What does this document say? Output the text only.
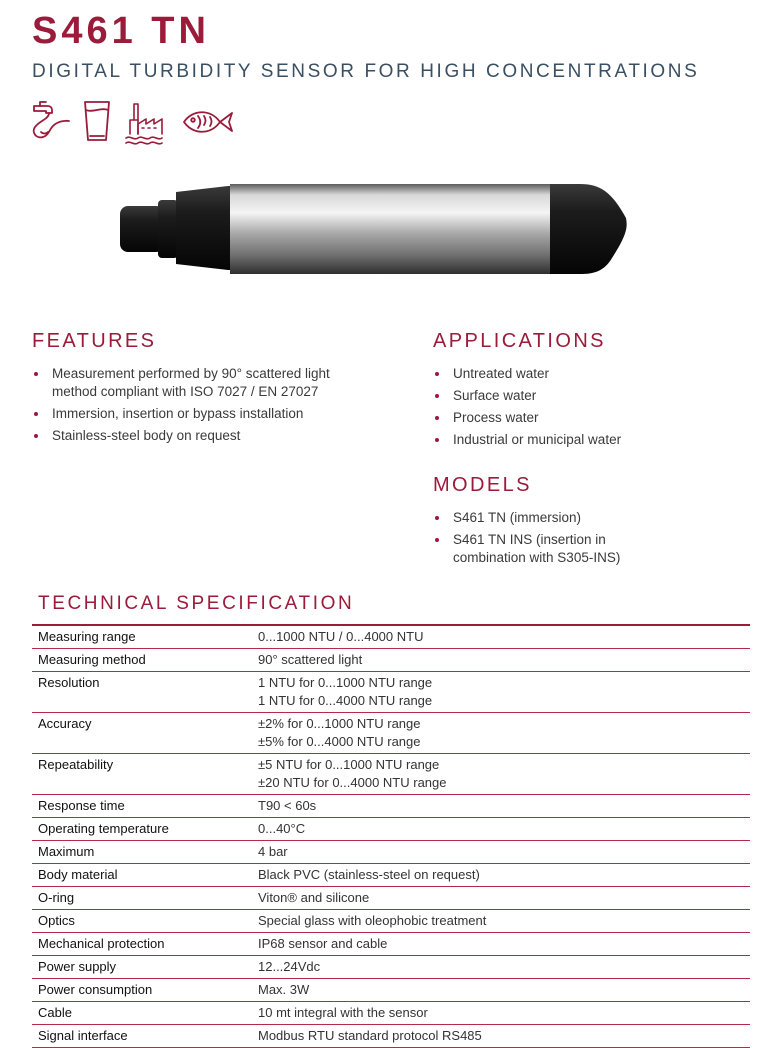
S461 TN

DIGITAL TURBIDITY SENSOR FOR HIGH CONCENTRATIONS

FEATURES
Measurement performed by 90° scattered light method compliant with ISO 7027 / EN 27027
Immersion, insertion or bypass installation
Stainless-steel body on request
APPLICATIONS
Untreated water
Surface water
Process water
Industrial or municipal water
MODELS
S461 TN (immersion)
S461 TN INS (insertion in combination with S305-INS)
TECHNICAL SPECIFICATION
Measuring range	0...1000 NTU / 0...4000 NTU

Measuring method	90° scattered light

Resolution	1 NTU for 0...1000 NTU range
1 NTU for 0...4000 NTU range

Accuracy	±2% for 0...1000 NTU range
±5% for 0...4000 NTU range

Repeatability	±5 NTU for 0...1000 NTU range
±20 NTU for 0...4000 NTU range

Response time	T90 < 60s

Operating temperature	0...40°C

Maximum	4 bar

Body material	Black PVC (stainless-steel on request)

O-ring	Viton® and silicone

Optics	Special glass with oleophobic treatment

Mechanical protection	IP68 sensor and cable

Power supply	12...24Vdc

Power consumption	Max. 3W

Cable	10 mt integral with the sensor

Signal interface	Modbus RTU standard protocol RS485
